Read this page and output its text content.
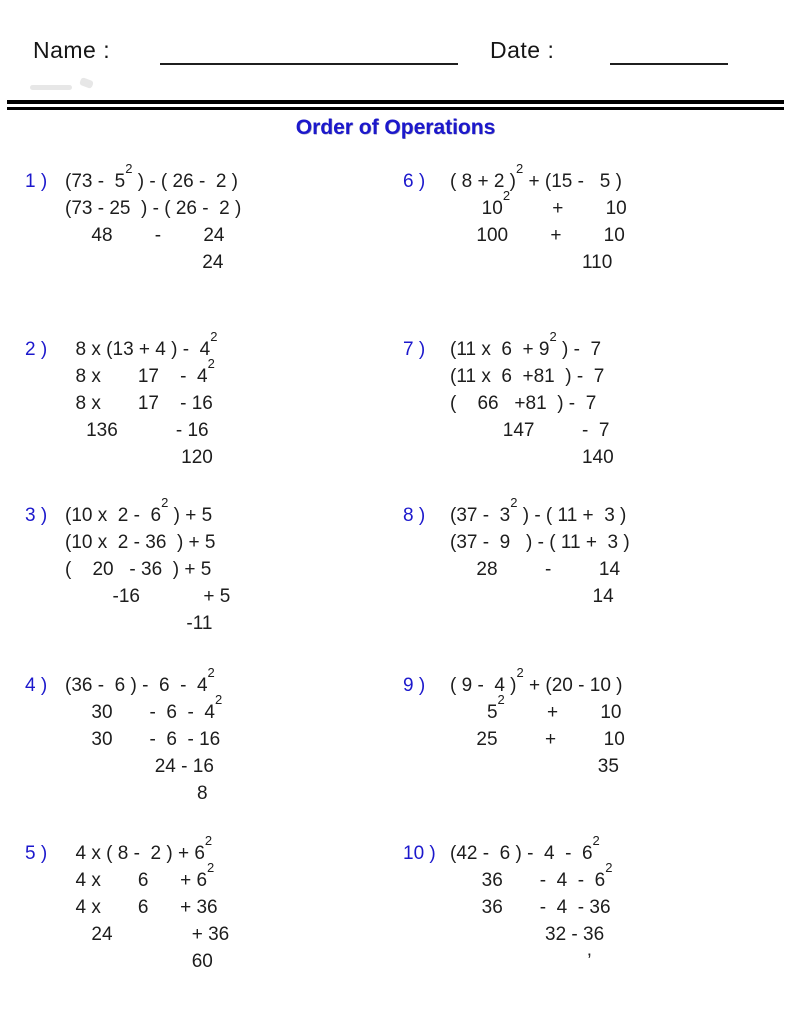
Name :	Date :
Order of Operations
1 ) ($73 - 5^2$ ) - ( 26 -  2 )
(73 - 25  ) - ( 26 -  2 )
48        -        24
24
2 ) 8 x (13 + 4 ) -  $4^2$
8 x       17    -  $4^2$
8 x       17    - 16
136           - 16
120
3 ) (10 x  $2 - 6^2$ ) + 5
(10 x  2 - 36  ) + 5
(    20   - 36  ) + 5
-16            + 5
-11
4 ) (36 -  6 ) -  $6 - 4^2$
30       -  $6 - 4^2$
30       -  6  - 16
24 - 16
8
5 ) 4 x ( 8 -  2 ) + $6^2$
4 x       6      + $6^2$
4 x       6      + 36
24               + 36
60
6 ) ( 8 + 2 )$^2$ + (15 -   5 )
$10^2$        +        10
100        +        10
110
7 ) (11 x  $6 + 9^2$ ) -  7
(11 x  6  +81  ) -  7
(    66   +81  ) -  7
147         -  7
140
8 ) ($37 - 3^2$ ) - ( 11 +  3 )
(37 -  9   ) - ( 11 +  3 )
28         -         14
14
9 ) ( 9 -  4 )$^2$ + (20 - 10 )
$5^2$        +        10
25         +         10
35
10 ) (42 -  6 ) -  $4 - 6^2$
36       -  $4 - 6^2$
36       -  4  - 36
32 - 36
’
